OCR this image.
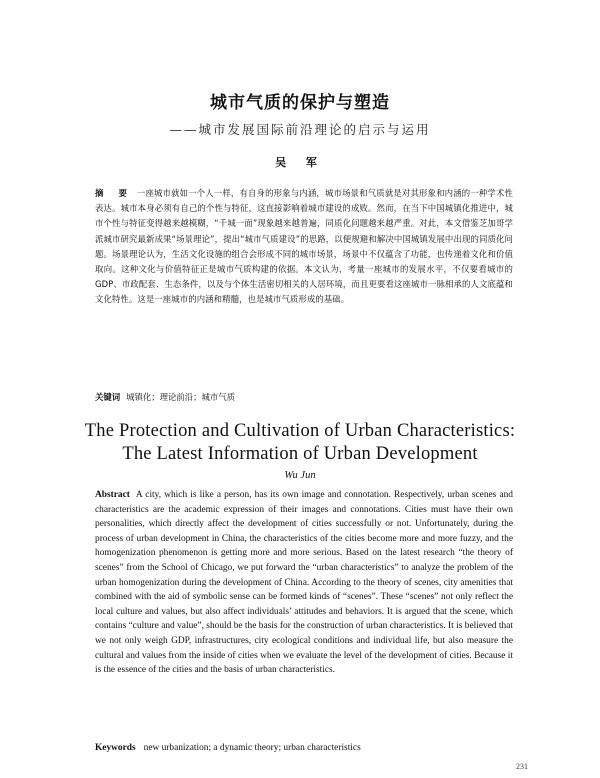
城市气质的保护与塑造
——城市发展国际前沿理论的启示与运用
吴 军
摘 要 一座城市就如一个人一样，有自身的形象与内涵，城市场景和气质就是对其形象和内涵的一种学术性表达。城市本身必须有自己的个性与特征，这直接影响着城市建设的成败。然而，在当下中国城镇化推进中，城市个性与特征变得越来越模糊，“千城一面”现象越来越普遍，同质化问题越来越严重。对此，本文借鉴芝加哥学派城市研究最新成果“场景理论”，提出“城市气质建设”的思路，以便规避和解决中国城镇发展中出现的同质化问题。场景理论认为，生活文化设施的组合会形成不同的城市场景，场景中不仅蕴含了功能，也传递着文化和价值取向。这种文化与价值特征正是城市气质构建的依据。本文认为，考量一座城市的发展水平，不仅要看城市的GDP、市政配套、生态条件，以及与个体生活密切相关的人居环境，而且更要看这座城市一脉相承的人文底蕴和文化特性。这是一座城市的内涵和精髓，也是城市气质形成的基础。
关键词 城镇化；理论前沿；城市气质
The Protection and Cultivation of Urban Characteristics:
The Latest Information of Urban Development
Wu Jun
Abstract A city, which is like a person, has its own image and connotation. Respectively, urban scenes and characteristics are the academic expression of their images and connotations. Cities must have their own personalities, which directly affect the development of cities successfully or not. Unfortunately, during the process of urban development in China, the characteristics of the cities become more and more fuzzy, and the homogenization phenomenon is getting more and more serious. Based on the latest research “the theory of scenes” from the School of Chicago, we put forward the “urban characteristics” to analyze the problem of the urban homogenization during the development of China. According to the theory of scenes, city amenities that combined with the aid of symbolic sense can be formed kinds of “scenes”. These “scenes” not only reflect the local culture and values, but also affect individuals’ attitudes and behaviors. It is argued that the scene, which contains “culture and value”, should be the basis for the construction of urban characteristics. It is believed that we not only weigh GDP, infrastructures, city ecological conditions and individual life, but also measure the cultural and values from the inside of cities when we evaluate the level of the development of cities. Because it is the essence of the cities and the basis of urban characteristics.
Keywords new urbanization; a dynamic theory; urban characteristics
231
